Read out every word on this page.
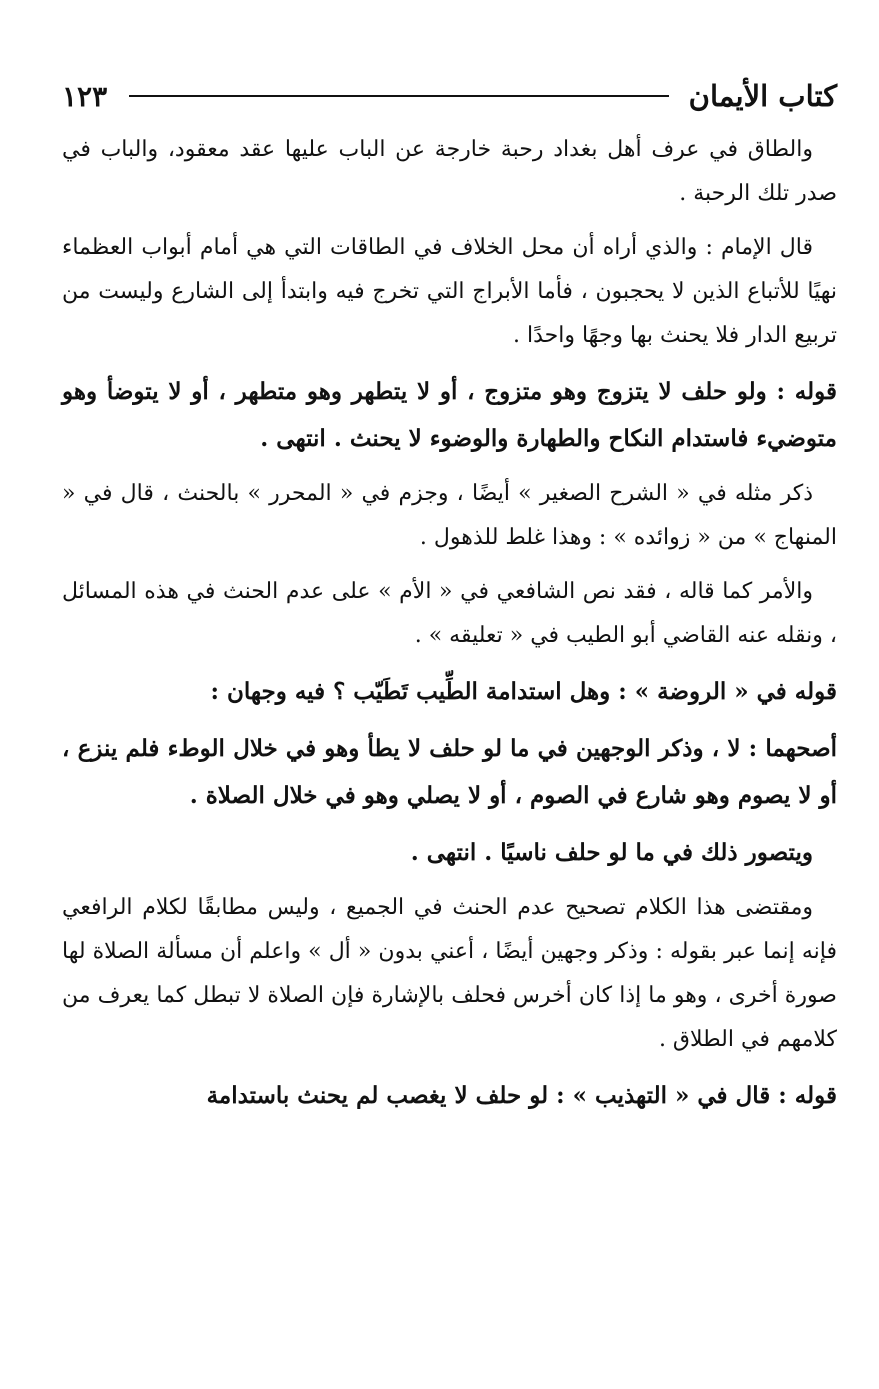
كتاب الأيمان
١٢٣

والطاق في عرف أهل بغداد رحبة خارجة عن الباب عليها عقد معقود، والباب في صدر تلك الرحبة .

قال الإمام : والذي أراه أن محل الخلاف في الطاقات التي هي أمام أبواب العظماء نهيًا للأتباع الذين لا يحجبون ، فأما الأبراج التي تخرج فيه وابتدأ إلى الشارع وليست من تربيع الدار فلا يحنث بها وجهًا واحدًا .

قوله : ولو حلف لا يتزوج وهو متزوج ، أو لا يتطهر وهو متطهر ، أو لا يتوضأ وهو متوضيء فاستدام النكاح والطهارة والوضوء لا يحنث . انتهى .

ذكر مثله في « الشرح الصغير » أيضًا ، وجزم في « المحرر » بالحنث ، قال في « المنهاج » من « زوائده » : وهذا غلط للذهول .

والأمر كما قاله ، فقد نص الشافعي في « الأم » على عدم الحنث في هذه المسائل ، ونقله عنه القاضي أبو الطيب في « تعليقه » .

قوله في « الروضة » : وهل استدامة الطِّيب تَطَيّب ؟ فيه وجهان :

أصحهما : لا ، وذكر الوجهين في ما لو حلف لا يطأ وهو في خلال الوطء فلم ينزع ، أو لا يصوم وهو شارع في الصوم ، أو لا يصلي وهو في خلال الصلاة .

ويتصور ذلك في ما لو حلف ناسيًا . انتهى .

ومقتضى هذا الكلام تصحيح عدم الحنث في الجميع ، وليس مطابقًا لكلام الرافعي فإنه إنما عبر بقوله : وذكر وجهين أيضًا ، أعني بدون « أل » واعلم أن مسألة الصلاة لها صورة أخرى ، وهو ما إذا كان أخرس فحلف بالإشارة فإن الصلاة لا تبطل كما يعرف من كلامهم في الطلاق .

قوله : قال في « التهذيب » : لو حلف لا يغصب لم يحنث باستدامة
